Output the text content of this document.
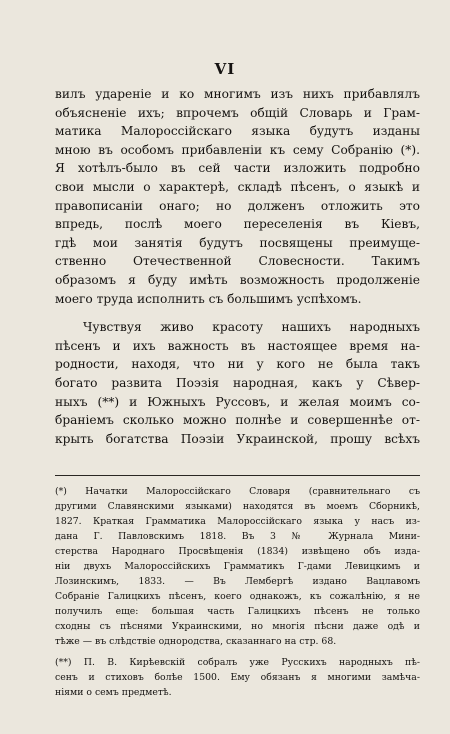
VI
вилъ удареніе и ко многимъ изъ нихъ прибавлялъ
объясненіе ихъ; впрочемъ общій Словарь и Грам-
матика Малороссійскаго языка будутъ изданы
мною въ особомъ прибавленіи къ сему Собранію (*).
Я хотѣлъ-было въ сей части изложить подробно
свои мысли о характерѣ, складѣ пѣсенъ, о языкѣ и
правописаніи онаго; но долженъ отложить это
впредь, послѣ моего переселенія въ Кіевъ,
гдѣ мои занятія будутъ посвящены преимуще-
ственно Отечественной Словесности. Такимъ
образомъ я буду имѣть возможность продолженіе
моего труда исполнить съ большимъ успѣхомъ.
Чувствуя живо красоту нашихъ народныхъ
пѣсенъ и ихъ важность въ настоящее время на-
родности, находя, что ни у кого не была такъ
богато развита Поэзія народная, какъ у Сѣвер-
ныхъ (**) и Южныхъ Руссовъ, и желая моимъ со-
браніемъ сколько можно полнѣе и совершеннѣе от-
крыть богатства Поэзіи Украинской, прошу всѣхъ
(*) Начатки Малороссійскаго Словаря (сравнительнаго съ
другими Славянскими языками) находятся въ моемъ Сборникѣ,
1827. Краткая Грамматика Малороссійскаго языка у насъ из-
дана Г. Павловскимъ 1818. Въ 3 № Журнала Мини-
стерства Народнаго Просвѣщенія (1834) извѣщено объ изда-
ніи двухъ Малороссійскихъ Грамматикъ Г-дами Левицкимъ и
Лозинскимъ, 1833. — Въ Лембергѣ издано Вацлавомъ
Собраніе Галицкихъ пѣсенъ, коего однакожъ, къ сожалѣнію, я не
получилъ еще: большая часть Галицкихъ пѣсенъ не только
сходны съ пѣснями Украинскими, но многія пѣсни даже одѣ и
тѣже — въ слѣдствіе однородства, сказаннаго на стр. 68.
(**) П. В. Кирѣевскій собралъ уже Русскихъ народныхъ пѣ-
сенъ и стиховъ болѣе 1500. Ему обязанъ я многими замѣча-
ніями о семъ предметѣ.
